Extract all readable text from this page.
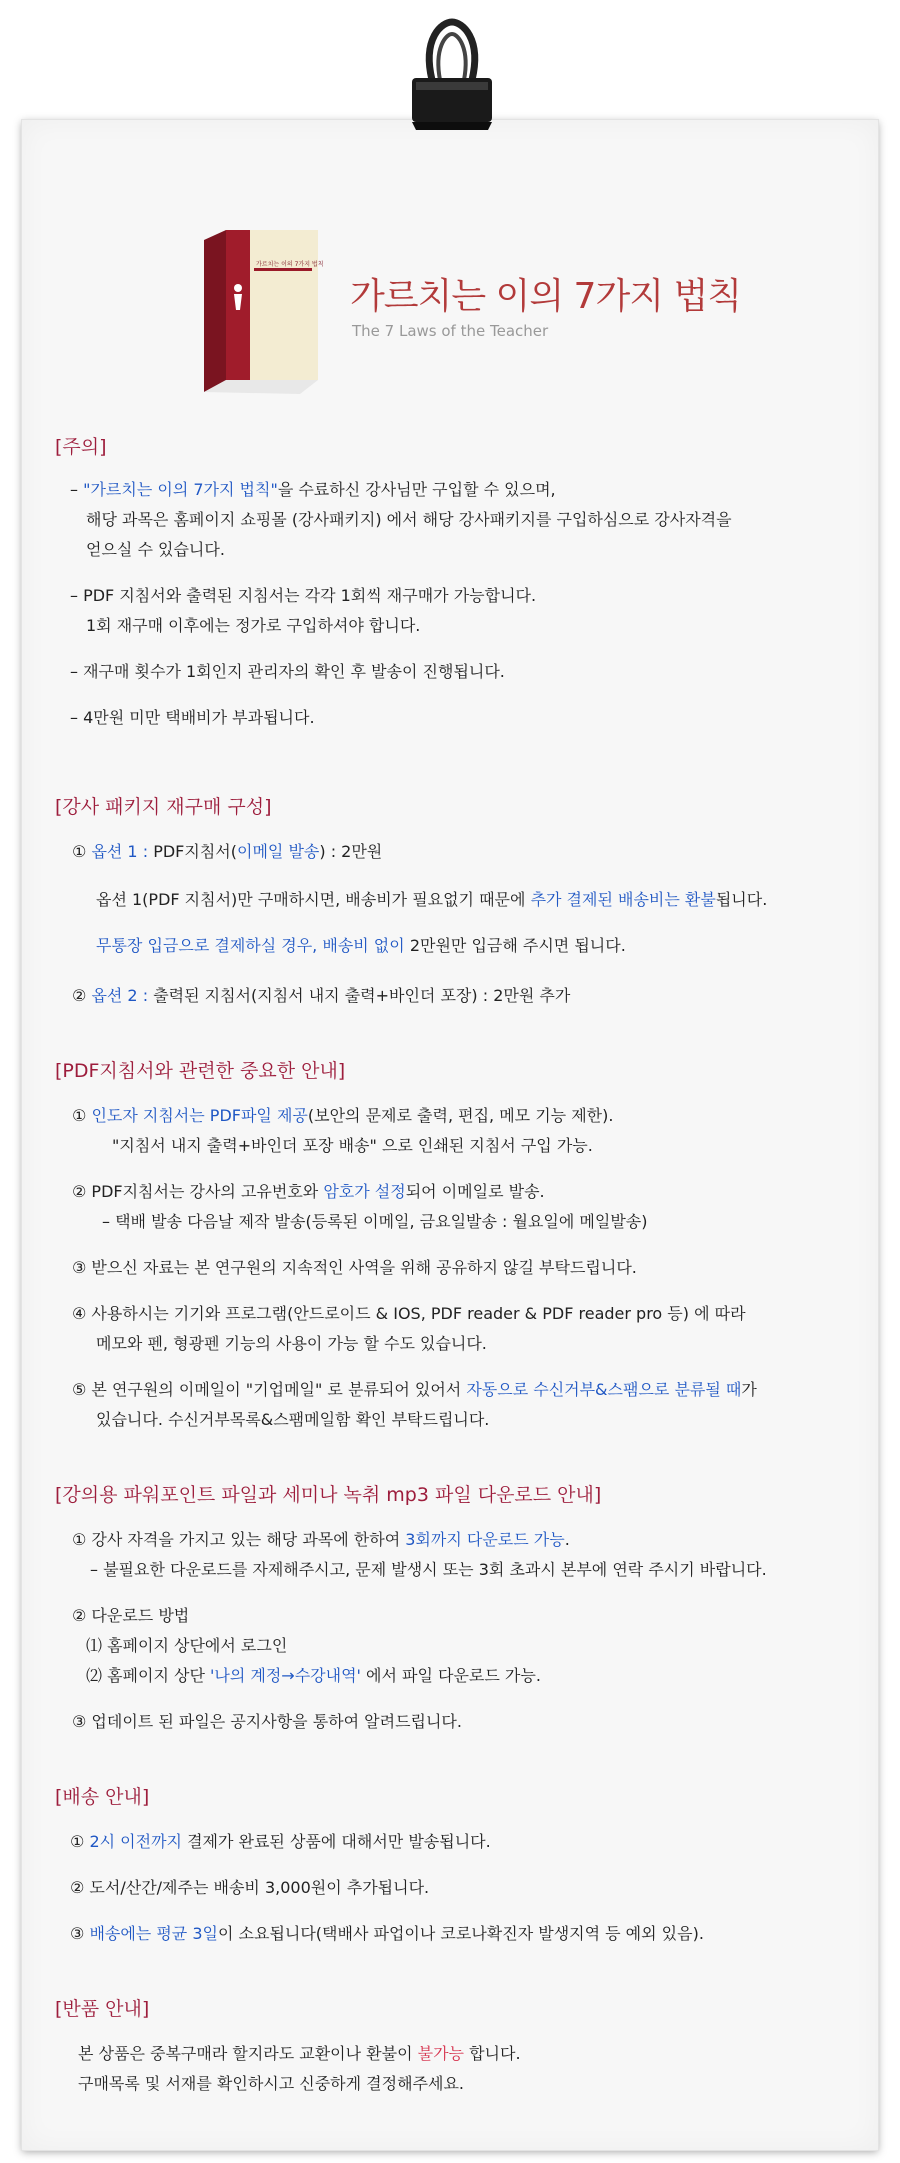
가르치는 이의 7가지 법칙
가르치는 이의 7가지 법칙
The 7 Laws of the Teacher
[주의]
– "가르치는 이의 7가지 법칙"을 수료하신 강사님만 구입할 수 있으며,
해당 과목은 홈페이지 쇼핑몰 (강사패키지) 에서 해당 강사패키지를 구입하심으로 강사자격을
얻으실 수 있습니다.
– PDF 지침서와 출력된 지침서는 각각 1회씩 재구매가 가능합니다.
1회 재구매 이후에는 정가로 구입하셔야 합니다.
– 재구매 횟수가 1회인지 관리자의 확인 후 발송이 진행됩니다.
– 4만원 미만 택배비가 부과됩니다.
[강사 패키지 재구매 구성]
① 옵션 1 : PDF지침서(이메일 발송) : 2만원
옵션 1(PDF 지침서)만 구매하시면, 배송비가 필요없기 때문에 추가 결제된 배송비는 환불됩니다.
무통장 입금으로 결제하실 경우, 배송비 없이 2만원만 입금해 주시면 됩니다.
② 옵션 2 : 출력된 지침서(지침서 내지 출력+바인더 포장) : 2만원 추가
[PDF지침서와 관련한 중요한 안내]
① 인도자 지침서는 PDF파일 제공(보안의 문제로 출력, 편집, 메모 기능 제한).
"지침서 내지 출력+바인더 포장 배송" 으로 인쇄된 지침서 구입 가능.
② PDF지침서는 강사의 고유번호와 암호가 설정되어 이메일로 발송.
– 택배 발송 다음날 제작 발송(등록된 이메일, 금요일발송 : 월요일에 메일발송)
③ 받으신 자료는 본 연구원의 지속적인 사역을 위해 공유하지 않길 부탁드립니다.
④ 사용하시는 기기와 프로그램(안드로이드 & IOS, PDF reader & PDF reader pro 등) 에 따라
메모와 펜, 형광펜 기능의 사용이 가능 할 수도 있습니다.
⑤ 본 연구원의 이메일이 "기업메일" 로 분류되어 있어서 자동으로 수신거부&스팸으로 분류될 때가
있습니다. 수신거부목록&스팸메일함 확인 부탁드립니다.
[강의용 파워포인트 파일과 세미나 녹취 mp3 파일 다운로드 안내]
① 강사 자격을 가지고 있는 해당 과목에 한하여 3회까지 다운로드 가능.
– 불필요한 다운로드를 자제해주시고, 문제 발생시 또는 3회 초과시 본부에 연락 주시기 바랍니다.
② 다운로드 방법
⑴ 홈페이지 상단에서 로그인
⑵ 홈페이지 상단 '나의 계정→수강내역' 에서 파일 다운로드 가능.
③ 업데이트 된 파일은 공지사항을 통하여 알려드립니다.
[배송 안내]
① 2시 이전까지 결제가 완료된 상품에 대해서만 발송됩니다.
② 도서/산간/제주는 배송비 3,000원이 추가됩니다.
③ 배송에는 평균 3일이 소요됩니다(택배사 파업이나 코로나확진자 발생지역 등 예외 있음).
[반품 안내]
본 상품은 중복구매라 할지라도 교환이나 환불이 불가능 합니다.
구매목록 및 서재를 확인하시고 신중하게 결정해주세요.
